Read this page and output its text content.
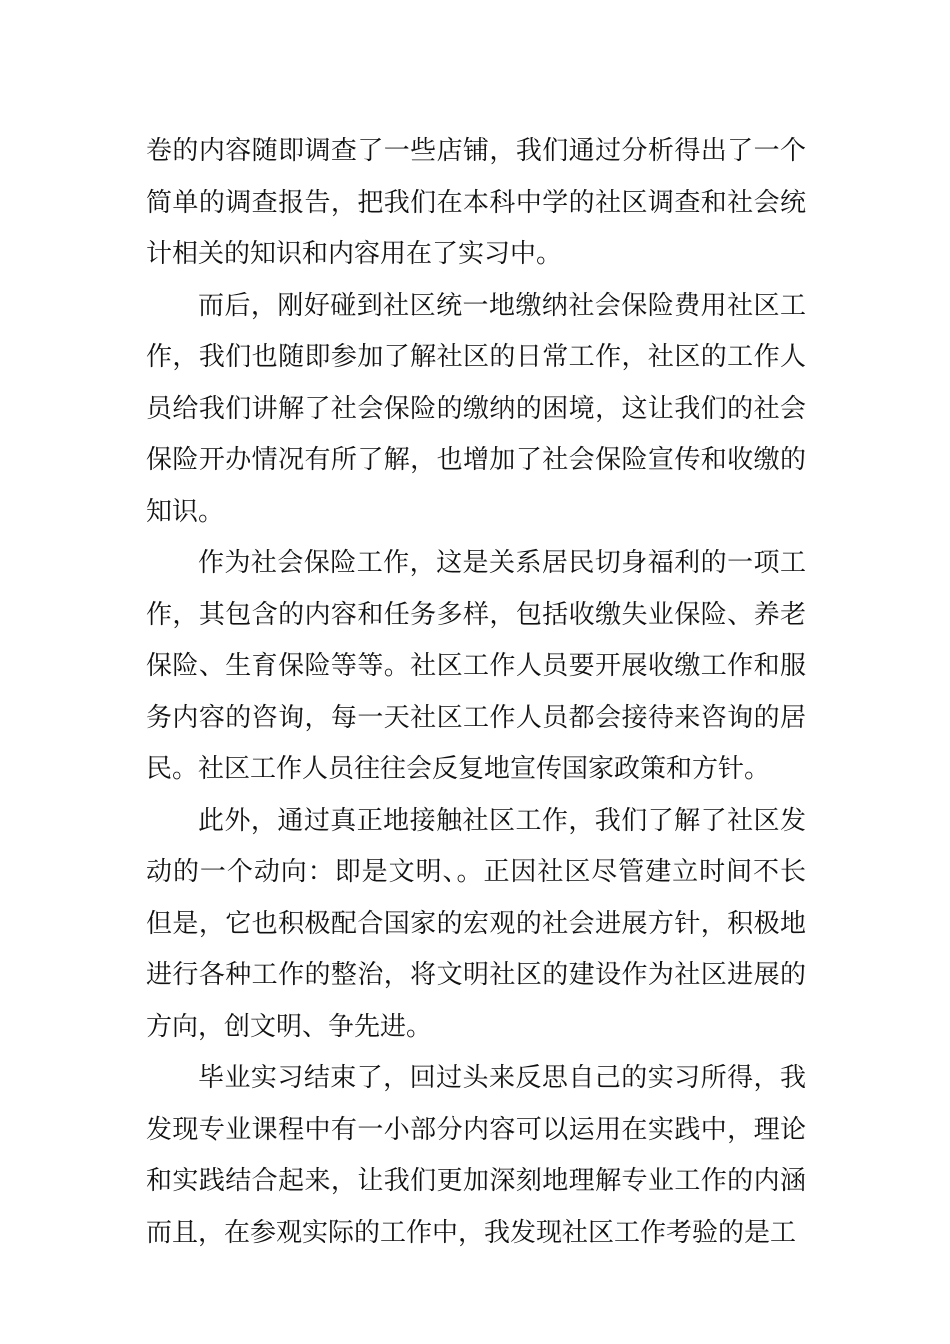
卷的内容随即调查了一些店铺，我们通过分析得出了一个简单的调查报告，把我们在本科中学的社区调查和社会统计相关的知识和内容用在了实习中。

而后，刚好碰到社区统一地缴纳社会保险费用社区工作，我们也随即参加了解社区的日常工作，社区的工作人员给我们讲解了社会保险的缴纳的困境，这让我们的社会保险开办情况有所了解，也增加了社会保险宣传和收缴的知识。

作为社会保险工作，这是关系居民切身福利的一项工作，其包含的内容和任务多样，包括收缴失业保险、养老保险、生育保险等等。社区工作人员要开展收缴工作和服务内容的咨询，每一天社区工作人员都会接待来咨询的居民。社区工作人员往往会反复地宣传国家政策和方针。

此外，通过真正地接触社区工作，我们了解了社区发动的一个动向：即是文明、。正因社区尽管建立时间不长但是，它也积极配合国家的宏观的社会进展方针，积极地进行各种工作的整治，将文明社区的建设作为社区进展的方向，创文明、争先进。

毕业实习结束了，回过头来反思自己的实习所得，我发现专业课程中有一小部分内容可以运用在实践中，理论和实践结合起来，让我们更加深刻地理解专业工作的内涵而且，在参观实际的工作中，我发现社区工作考验的是工
